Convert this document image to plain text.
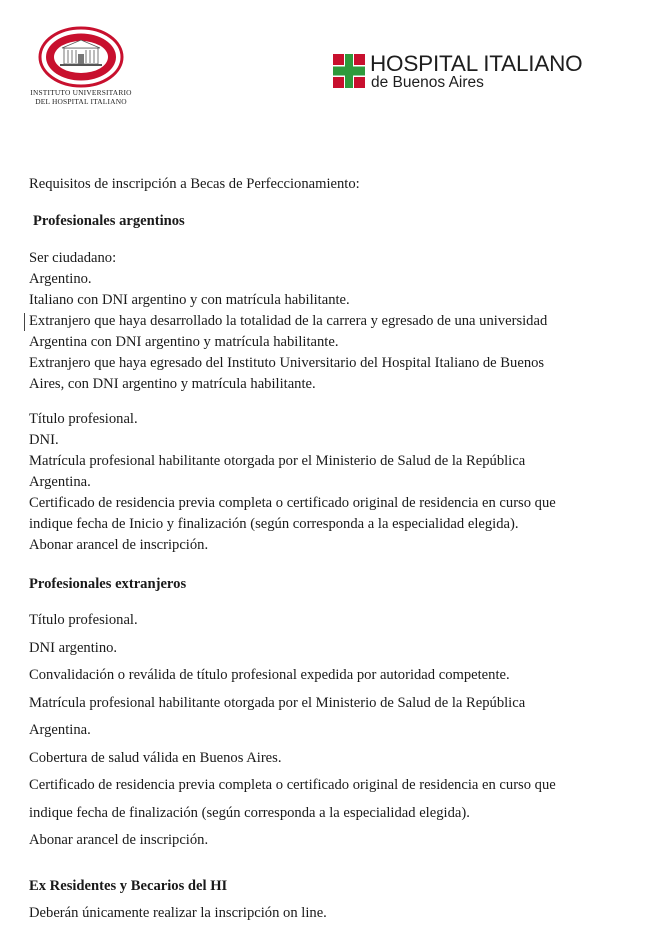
INSTITUTO UNIVERSITARIO
DEL HOSPITAL ITALIANO
HOSPITAL ITALIANO
de Buenos Aires
Requisitos de inscripción a Becas de Perfeccionamiento:
Profesionales argentinos
Ser ciudadano:
Argentino.
Italiano con DNI argentino y con matrícula habilitante.
Extranjero que haya desarrollado la totalidad de la carrera y egresado de una universidad
Argentina con DNI argentino y matrícula habilitante.
Extranjero que haya egresado del Instituto Universitario del Hospital Italiano de Buenos
Aires, con DNI argentino y matrícula habilitante.
Título profesional.
DNI.
Matrícula profesional habilitante otorgada por el Ministerio de Salud de la República
Argentina.
Certificado de residencia previa completa o certificado original de residencia en curso que
indique fecha de Inicio y finalización (según corresponda a la especialidad elegida).
Abonar arancel de inscripción.
Profesionales extranjeros
Título profesional.
DNI argentino.
Convalidación o reválida de título profesional expedida por autoridad competente.
Matrícula profesional habilitante otorgada por el Ministerio de Salud de la República
Argentina.
Cobertura de salud válida en Buenos Aires.
Certificado de residencia previa completa o certificado original de residencia en curso que
indique fecha de finalización (según corresponda a la especialidad elegida).
Abonar arancel de inscripción.
Ex Residentes y Becarios del HI
Deberán únicamente realizar la inscripción on line.
